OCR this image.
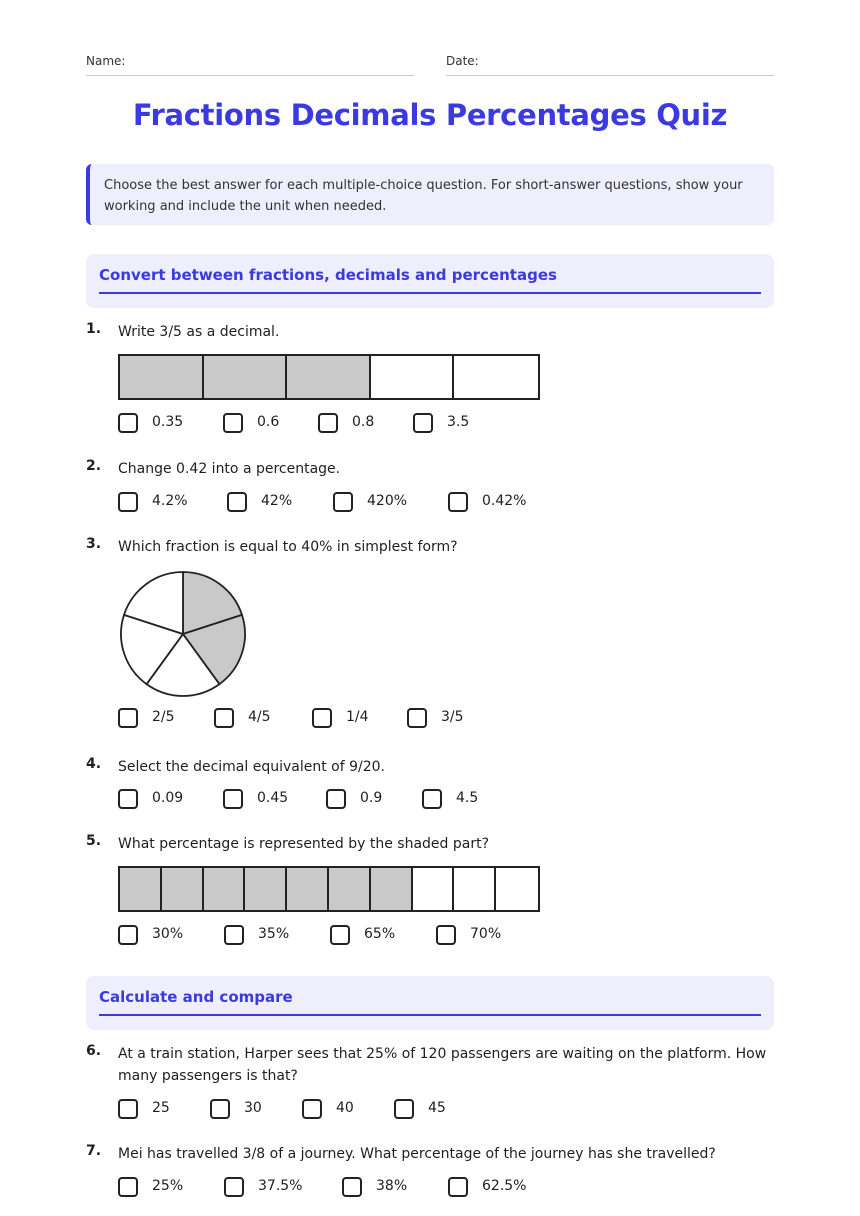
Name:	Date:
Fractions Decimals Percentages Quiz
Choose the best answer for each multiple-choice question. For short-answer questions, show your working and include the unit when needed.
Convert between fractions, decimals and percentages
1. Write 3/5 as a decimal.
0.35	0.6	0.8	3.5
2. Change 0.42 into a percentage.
4.2%	42%	420%	0.42%
3. Which fraction is equal to 40% in simplest form?
2/5	4/5	1/4	3/5
4. Select the decimal equivalent of 9/20.
0.09	0.45	0.9	4.5
5. What percentage is represented by the shaded part?
30%	35%	65%	70%
Calculate and compare
6. At a train station, Harper sees that 25% of 120 passengers are waiting on the platform. How many passengers is that?
25	30	40	45
7. Mei has travelled 3/8 of a journey. What percentage of the journey has she travelled?
25%	37.5%	38%	62.5%
